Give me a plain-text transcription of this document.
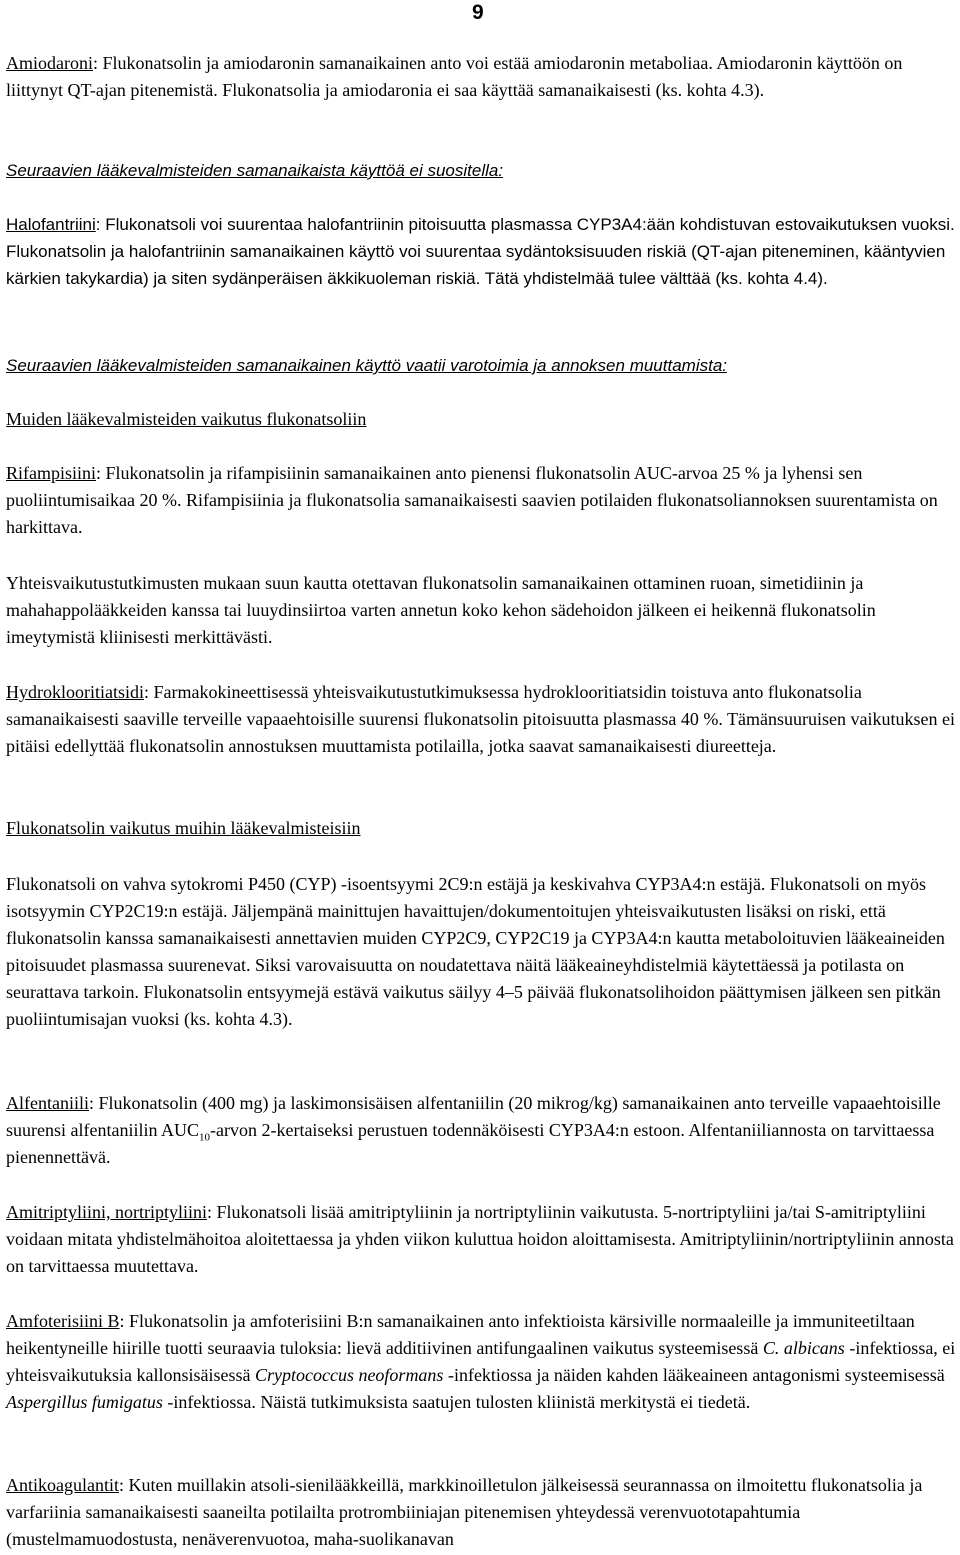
9

Amiodaroni: Flukonatsolin ja amiodaronin samanaikainen anto voi estää amiodaronin metaboliaa. Amiodaronin käyttöön on liittynyt QT-ajan pitenemistä. Flukonatsolia ja amiodaronia ei saa käyttää samanaikaisesti (ks. kohta 4.3).

Seuraavien lääkevalmisteiden samanaikaista käyttöä ei suositella:

Halofantriini: Flukonatsoli voi suurentaa halofantriinin pitoisuutta plasmassa CYP3A4:ään kohdistuvan estovaikutuksen vuoksi. Flukonatsolin ja halofantriinin samanaikainen käyttö voi suurentaa sydäntoksisuuden riskiä (QT-ajan piteneminen, kääntyvien kärkien takykardia) ja siten sydänperäisen äkkikuoleman riskiä. Tätä yhdistelmää tulee välttää (ks. kohta 4.4).

Seuraavien lääkevalmisteiden samanaikainen käyttö vaatii varotoimia ja annoksen muuttamista:

Muiden lääkevalmisteiden vaikutus flukonatsoliin

Rifampisiini: Flukonatsolin ja rifampisiinin samanaikainen anto pienensi flukonatsolin AUC-arvoa 25 % ja lyhensi sen puoliintumisaikaa 20 %. Rifampisiinia ja flukonatsolia samanaikaisesti saavien potilaiden flukonatsoliannoksen suurentamista on harkittava.

Yhteisvaikutustutkimusten mukaan suun kautta otettavan flukonatsolin samanaikainen ottaminen ruoan, simetidiinin ja mahahappolääkkeiden kanssa tai luuydinsiirtoa varten annetun koko kehon sädehoidon jälkeen ei heikennä flukonatsolin imeytymistä kliinisesti merkittävästi.

Hydroklooritiatsidi: Farmakokineettisessä yhteisvaikutustutkimuksessa hydroklooritiatsidin toistuva anto flukonatsolia samanaikaisesti saaville terveille vapaaehtoisille suurensi flukonatsolin pitoisuutta plasmassa 40 %. Tämänsuuruisen vaikutuksen ei pitäisi edellyttää flukonatsolin annostuksen muuttamista potilailla, jotka saavat samanaikaisesti diureetteja.

Flukonatsolin vaikutus muihin lääkevalmisteisiin

Flukonatsoli on vahva sytokromi P450 (CYP) -isoentsyymi 2C9:n estäjä ja keskivahva CYP3A4:n estäjä. Flukonatsoli on myös isotsyymin CYP2C19:n estäjä. Jäljempänä mainittujen havaittujen/dokumentoitujen yhteisvaikutusten lisäksi on riski, että flukonatsolin kanssa samanaikaisesti annettavien muiden CYP2C9, CYP2C19 ja CYP3A4:n kautta metaboloituvien lääkeaineiden pitoisuudet plasmassa suurenevat. Siksi varovaisuutta on noudatettava näitä lääkeaineyhdistelmiä käytettäessä ja potilasta on seurattava tarkoin. Flukonatsolin entsyymejä estävä vaikutus säilyy 4–5 päivää flukonatsolihoidon päättymisen jälkeen sen pitkän puoliintumisajan vuoksi (ks. kohta 4.3).

Alfentaniili: Flukonatsolin (400 mg) ja laskimonsisäisen alfentaniilin (20 mikrog/kg) samanaikainen anto terveille vapaaehtoisille suurensi alfentaniilin $AUC_{10}$-arvon 2-kertaiseksi perustuen todennäköisesti CYP3A4:n estoon. Alfentaniiliannosta on tarvittaessa pienennettävä.

Amitriptyliini, nortriptyliini: Flukonatsoli lisää amitriptyliinin ja nortriptyliinin vaikutusta. 5-nortriptyliini ja/tai S-amitriptyliini voidaan mitata yhdistelmähoitoa aloitettaessa ja yhden viikon kuluttua hoidon aloittamisesta. Amitriptyliinin/nortriptyliinin annosta on tarvittaessa muutettava.

Amfoterisiini B: Flukonatsolin ja amfoterisiini B:n samanaikainen anto infektioista kärsiville normaaleille ja immuniteetiltaan heikentyneille hiirille tuotti seuraavia tuloksia: lievä additiivinen antifungaalinen vaikutus systeemisessä C. albicans -infektiossa, ei yhteisvaikutuksia kallonsisäisessä Cryptococcus neoformans -infektiossa ja näiden kahden lääkeaineen antagonismi systeemisessä Aspergillus fumigatus -infektiossa. Näistä tutkimuksista saatujen tulosten kliinistä merkitystä ei tiedetä.

Antikoagulantit: Kuten muillakin atsoli-sienilääkkeillä, markkinoilletulon jälkeisessä seurannassa on ilmoitettu flukonatsolia ja varfariinia samanaikaisesti saaneilta potilailta protrombiiniajan pitenemisen yhteydessä verenvuototapahtumia (mustelmamuodostusta, nenäverenvuotoa, maha-suolikanavan
